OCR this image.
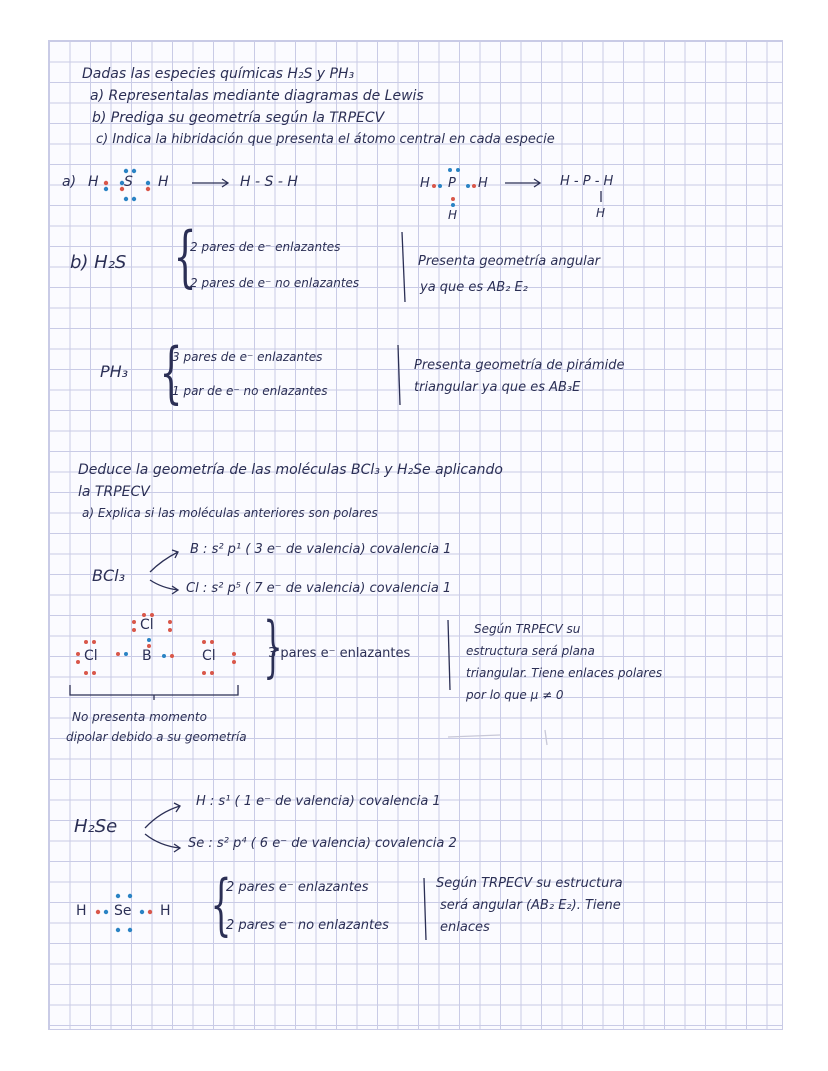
Dadas las especies químicas H₂S y PH₃
a) Representalas mediante diagramas de Lewis
b) Prediga su geometría según la TRPECV
c) Indica la hibridación que presenta el átomo central en cada especie
a) H S H	H - S - H	H P H
H
H - P - H
H
b) H₂S {
2 pares de e⁻ enlazantes
2 pares de e⁻ no enlazantes
Presenta geometría angular
ya que es AB₂ E₂
PH₃ {
3 pares de e⁻ enlazantes
1 par de e⁻ no enlazantes
Presenta geometría de pirámide
triangular ya que es AB₃E
Deduce la geometría de las moléculas BCl₃ y H₂Se aplicando
la TRPECV
a) Explica si las moléculas anteriores son polares
BCl₃
B : s² p¹ ( 3 e⁻ de valencia) covalencia 1
Cl : s² p⁵ ( 7 e⁻ de valencia) covalencia 1
Cl
Cl	B	Cl }
3 pares e⁻ enlazantes
Según TRPECV su
estructura será plana
triangular. Tiene enlaces polares
por lo que μ ≠ 0
No presenta momento
dipolar debido a su geometría
H₂Se
H : s¹ ( 1 e⁻ de valencia) covalencia 1
Se : s² p⁴ ( 6 e⁻ de valencia) covalencia 2
H Se H {
2 pares e⁻ enlazantes
2 pares e⁻ no enlazantes
Según TRPECV su estructura
será angular (AB₂ E₂). Tiene
enlaces
